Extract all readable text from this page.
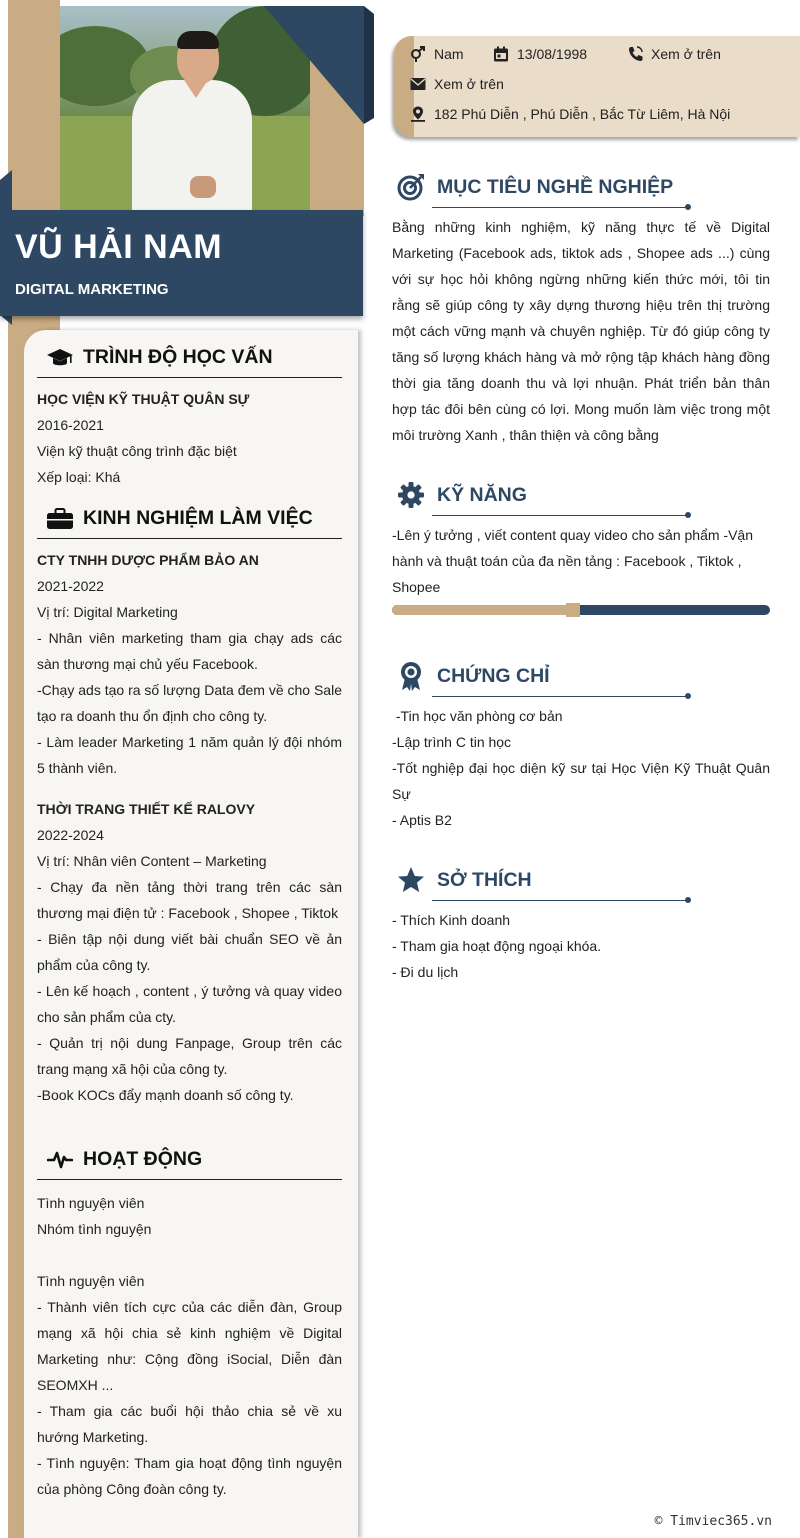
VŨ HẢI NAM
DIGITAL MARKETING
TRÌNH ĐỘ HỌC VẤN
HỌC VIỆN KỸ THUẬT QUÂN SỰ
2016-2021
Viện kỹ thuật công trình đặc biệt
Xếp loại: Khá
KINH NGHIỆM LÀM VIỆC
CTY TNHH DƯỢC PHẨM BẢO AN
2021-2022
Vị trí: Digital Marketing
- Nhân viên marketing tham gia chạy ads các sàn thương mại chủ yếu Facebook.
-Chạy ads tạo ra số lượng Data đem về cho Sale tạo ra doanh thu ổn định cho công ty.
- Làm leader Marketing 1 năm quản lý đội nhóm 5 thành viên.
THỜI TRANG THIẾT KẾ RALOVY
2022-2024
Vị trí: Nhân viên Content – Marketing
- Chạy đa nền tảng thời trang trên các sàn thương mại điện tử : Facebook , Shopee , Tiktok
- Biên tập nội dung viết bài chuẩn SEO về ản phẩm của công ty.
- Lên kế hoạch , content , ý tưởng và quay video cho sản phẩm của cty.
- Quản trị nội dung Fanpage, Group trên các trang mạng xã hội của công ty.
-Book KOCs đẩy mạnh doanh số công ty.
HOẠT ĐỘNG
Tình nguyện viên
Nhóm tình nguyện
Tình nguyện viên
- Thành viên tích cực của các diễn đàn, Group mạng xã hội chia sẻ kinh nghiệm về Digital Marketing như: Cộng đồng iSocial, Diễn đàn SEOMXH ...
- Tham gia các buổi hội thảo chia sẻ về xu hướng Marketing.
- Tình nguyện: Tham gia hoạt động tình nguyện của phòng Công đoàn công ty.
Nam	13/08/1998	Xem ở trên
Xem ở trên
182 Phú Diễn , Phú Diễn , Bắc Từ Liêm, Hà Nội
MỤC TIÊU NGHỀ NGHIỆP
Bằng những kinh nghiệm, kỹ năng thực tế về Digital Marketing (Facebook ads, tiktok ads , Shopee ads ...) cùng với sự học hỏi không ngừng những kiến thức mới, tôi tin rằng sẽ giúp công ty xây dựng thương hiệu trên thị trường một cách vững mạnh và chuyên nghiệp. Từ đó giúp công ty tăng số lượng khách hàng và mở rộng tập khách hàng đồng thời gia tăng doanh thu và lợi nhuận. Phát triển bản thân hợp tác đôi bên cùng có lợi. Mong muốn làm việc trong một môi trường Xanh , thân thiện và công bằng
KỸ NĂNG
-Lên ý tưởng , viết content quay video cho sản phẩm -Vận hành và thuật toán của đa nền tảng : Facebook , Tiktok , Shopee
CHỨNG CHỈ
-Tin học văn phòng cơ bản
-Lập trình C tin học
-Tốt nghiệp đại học diện kỹ sư tại Học Viện Kỹ Thuật Quân Sự
- Aptis B2
SỞ THÍCH
- Thích Kinh doanh
- Tham gia hoạt động ngoại khóa.
- Đi du lịch
© Timviec365.vn
